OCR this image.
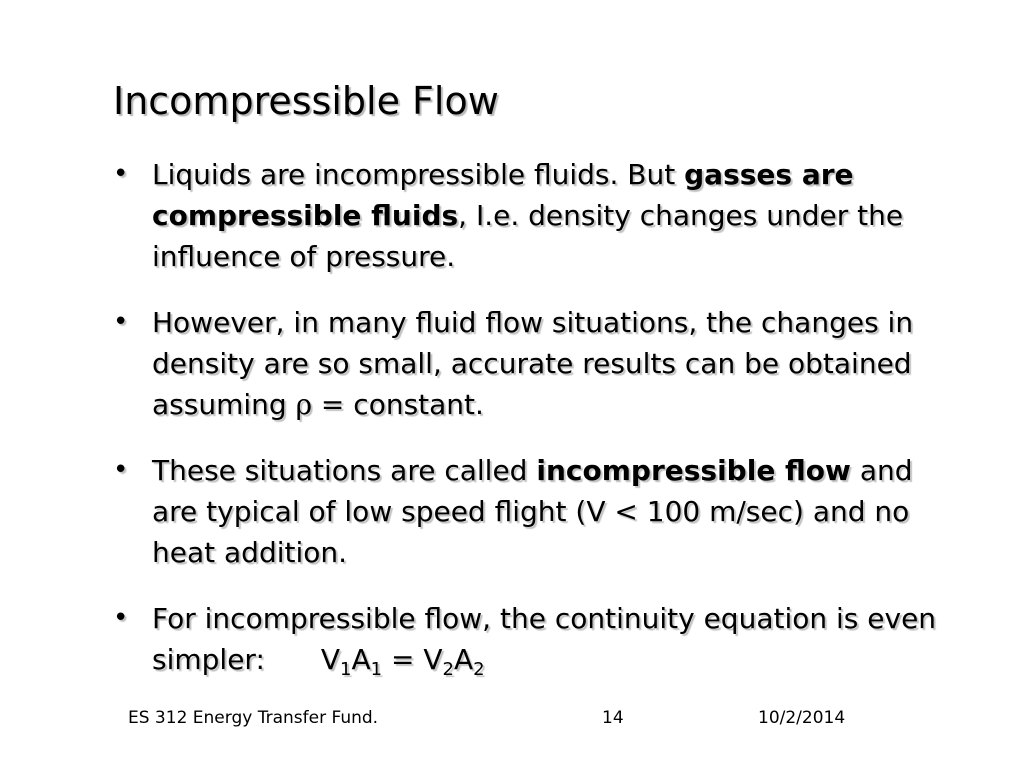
Incompressible Flow
• Liquids are incompressible fluids. But gasses are compressible fluids, I.e. density changes under the influence of pressure.
• However, in many fluid flow situations, the changes in density are so small, accurate results can be obtained assuming ρ = constant.
• These situations are called incompressible flow and are typical of low speed flight (V < 100 m/sec) and no heat addition.
• For incompressible flow, the continuity equation is even simpler: $V_1A_1 = V_2A_2$
ES 312 Energy Transfer Fund.	14	10/2/2014
